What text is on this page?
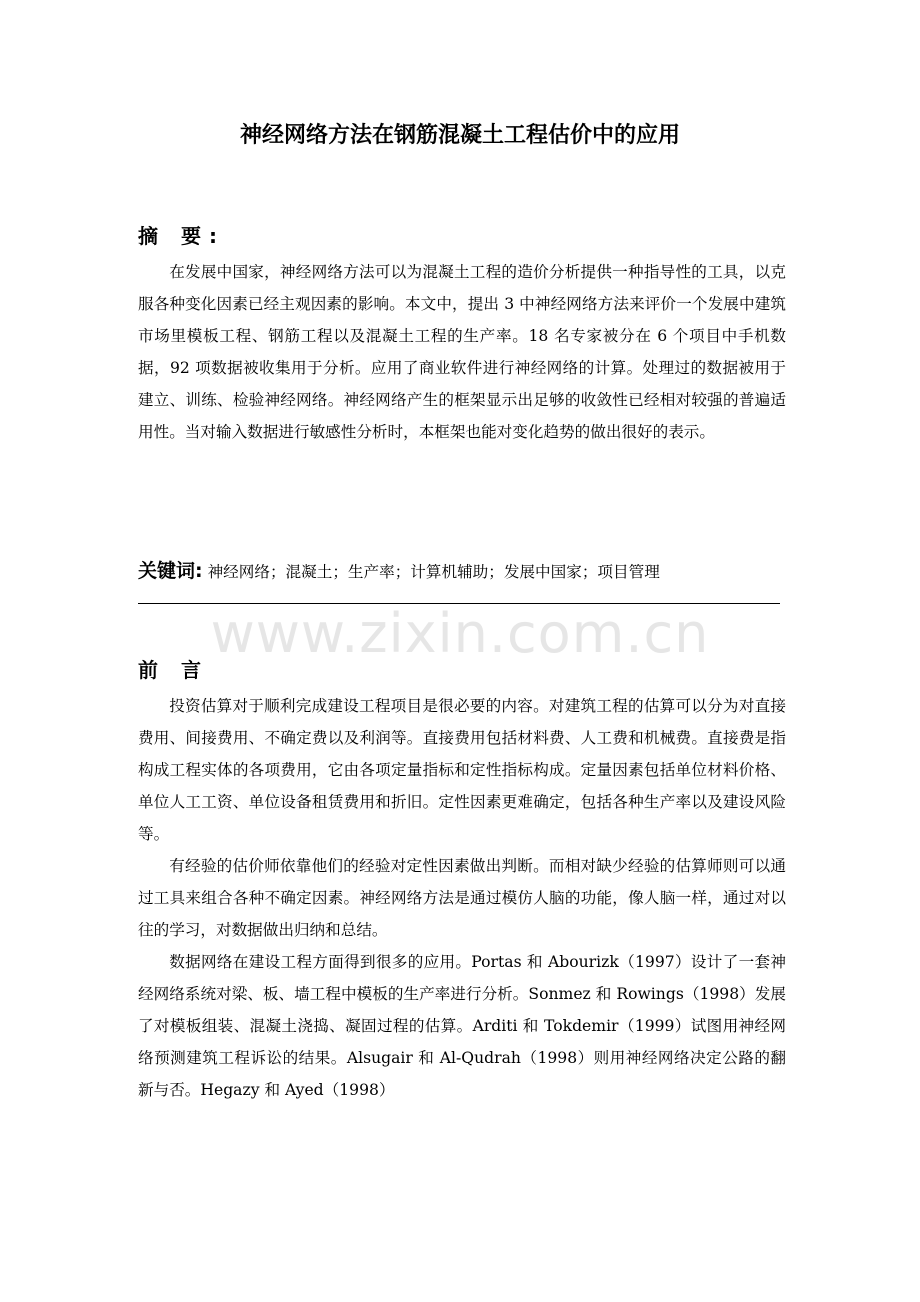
神经网络方法在钢筋混凝土工程估价中的应用
摘 要:

在发展中国家，神经网络方法可以为混凝土工程的造价分析提供一种指导性的工具，以克服各种变化因素已经主观因素的影响。本文中，提出 3 中神经网络方法来评价一个发展中建筑市场里模板工程、钢筋工程以及混凝土工程的生产率。18 名专家被分在 6 个项目中手机数据，92 项数据被收集用于分析。应用了商业软件进行神经网络的计算。处理过的数据被用于建立、训练、检验神经网络。神经网络产生的框架显示出足够的收敛性已经相对较强的普遍适用性。当对输入数据进行敏感性分析时，本框架也能对变化趋势的做出很好的表示。

关键词: 神经网络；混凝土；生产率；计算机辅助；发展中国家；项目管理
www.zixin.com.cn
前 言

投资估算对于顺利完成建设工程项目是很必要的内容。对建筑工程的估算可以分为对直接费用、间接费用、不确定费以及利润等。直接费用包括材料费、人工费和机械费。直接费是指构成工程实体的各项费用，它由各项定量指标和定性指标构成。定量因素包括单位材料价格、单位人工工资、单位设备租赁费用和折旧。定性因素更难确定，包括各种生产率以及建设风险等。

有经验的估价师依靠他们的经验对定性因素做出判断。而相对缺少经验的估算师则可以通过工具来组合各种不确定因素。神经网络方法是通过模仿人脑的功能，像人脑一样，通过对以往的学习，对数据做出归纳和总结。

数据网络在建设工程方面得到很多的应用。Portas 和 Abourizk（1997）设计了一套神经网络系统对梁、板、墙工程中模板的生产率进行分析。Sonmez 和 Rowings（1998）发展了对模板组装、混凝土浇捣、凝固过程的估算。Arditi 和 Tokdemir（1999）试图用神经网络预测建筑工程诉讼的结果。Alsugair 和 Al-Qudrah（1998）则用神经网络决定公路的翻新与否。Hegazy 和 Ayed（1998）
